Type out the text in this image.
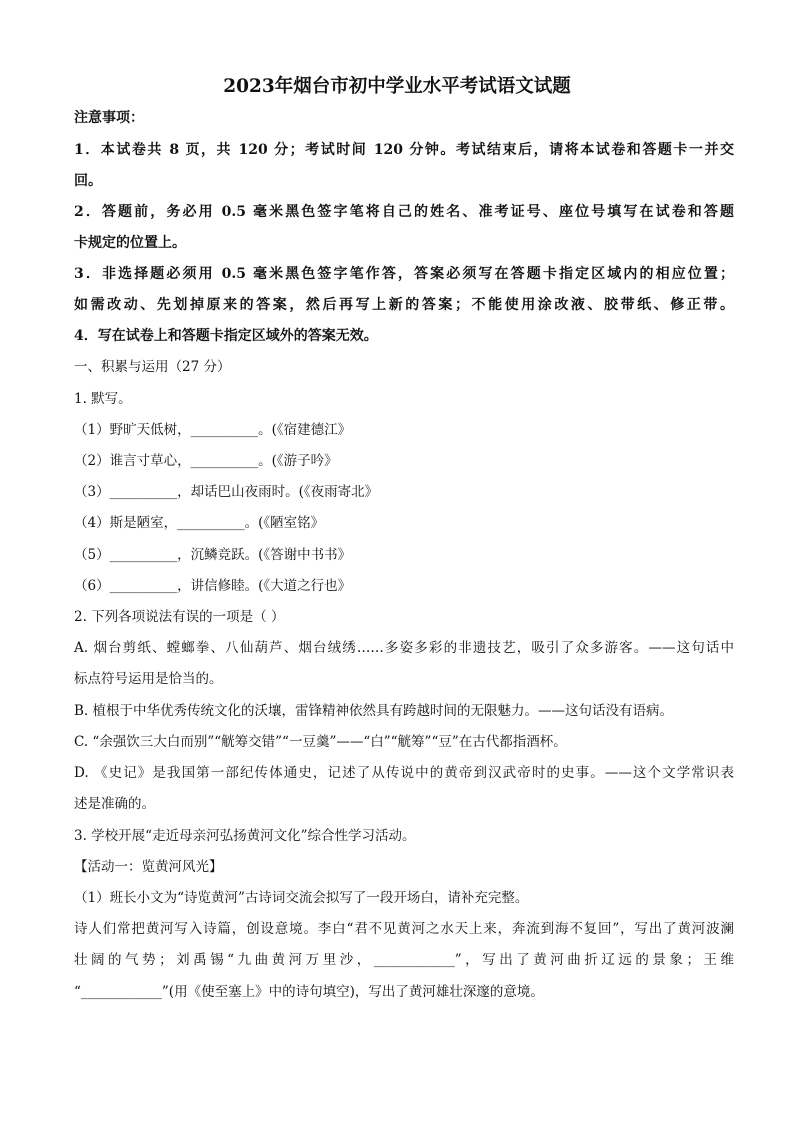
2023年烟台市初中学业水平考试语文试题
注意事项：
1．本试卷共 8 页，共 120 分；考试时间 120 分钟。考试结束后，请将本试卷和答题卡一并交
回。
2．答题前，务必用 0.5 毫米黑色签字笔将自己的姓名、准考证号、座位号填写在试卷和答题
卡规定的位置上。
3．非选择题必须用 0.5 毫米黑色签字笔作答，答案必须写在答题卡指定区域内的相应位置；
如需改动、先划掉原来的答案，然后再写上新的答案；不能使用涂改液、胶带纸、修正带。
4．写在试卷上和答题卡指定区域外的答案无效。
一、积累与运用（27 分）
1. 默写。
（1）野旷天低树，__________。(《宿建德江》
（2）谁言寸草心，__________。(《游子吟》
（3）__________，却话巴山夜雨时。(《夜雨寄北》
（4）斯是陋室，__________。(《陋室铭》
（5）__________，沉鳞竞跃。(《答谢中书书》
（6）__________，讲信修睦。(《大道之行也》
2. 下列各项说法有误的一项是（ ）
A. 烟台剪纸、螳螂拳、八仙葫芦、烟台绒绣……多姿多彩的非遗技艺，吸引了众多游客。——这句话中
标点符号运用是恰当的。
B. 植根于中华优秀传统文化的沃壤，雷锋精神依然具有跨越时间的无限魅力。——这句话没有语病。
C. “余强饮三大白而别”“觥筹交错”“一豆羹”——“白”“觥筹”“豆”在古代都指酒杯。
D. 《史记》是我国第一部纪传体通史，记述了从传说中的黄帝到汉武帝时的史事。——这个文学常识表
述是准确的。
3. 学校开展“走近母亲河弘扬黄河文化”综合性学习活动。
【活动一：览黄河风光】
（1）班长小文为“诗览黄河”古诗词交流会拟写了一段开场白，请补充完整。
诗人们常把黄河写入诗篇，创设意境。李白“君不见黄河之水天上来，奔流到海不复回”，写出了黄河波澜
壮阔的气势；刘禹锡“九曲黄河万里沙，____________”，写出了黄河曲折辽远的景象；王维
“____________”(用《使至塞上》中的诗句填空)，写出了黄河雄壮深邃的意境。
